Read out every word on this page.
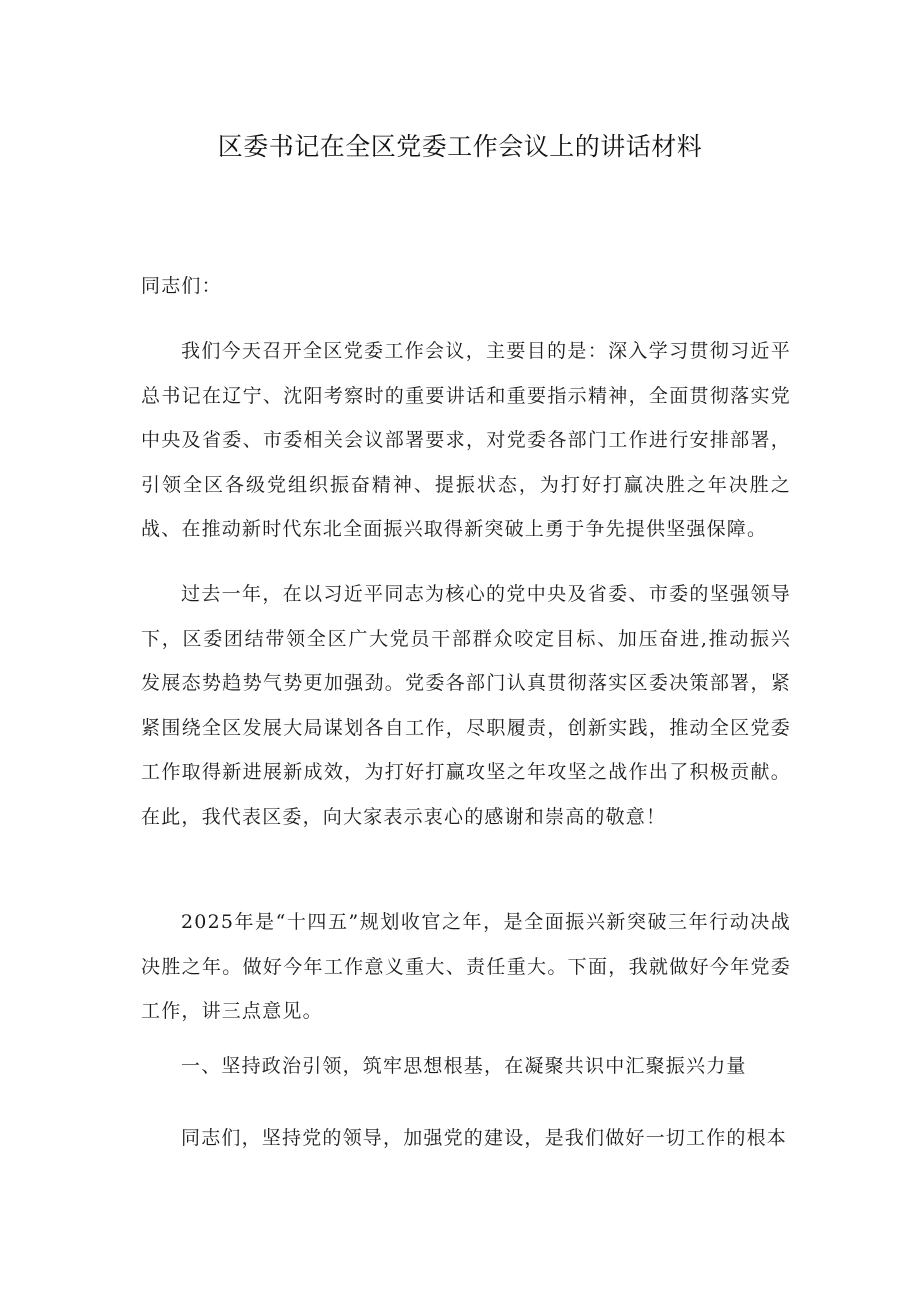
区委书记在全区党委工作会议上的讲话材料

同志们：

我们今天召开全区党委工作会议，主要目的是：深入学习贯彻习近平总书记在辽宁、沈阳考察时的重要讲话和重要指示精神，全面贯彻落实党中央及省委、市委相关会议部署要求，对党委各部门工作进行安排部署，引领全区各级党组织振奋精神、提振状态，为打好打赢决胜之年决胜之战、在推动新时代东北全面振兴取得新突破上勇于争先提供坚强保障。

过去一年，在以习近平同志为核心的党中央及省委、市委的坚强领导下，区委团结带领全区广大党员干部群众咬定目标、加压奋进,推动振兴发展态势趋势气势更加强劲。党委各部门认真贯彻落实区委决策部署，紧紧围绕全区发展大局谋划各自工作，尽职履责，创新实践，推动全区党委工作取得新进展新成效，为打好打赢攻坚之年攻坚之战作出了积极贡献。在此，我代表区委，向大家表示衷心的感谢和崇高的敬意！

2025年是“十四五”规划收官之年，是全面振兴新突破三年行动决战决胜之年。做好今年工作意义重大、责任重大。下面，我就做好今年党委工作，讲三点意见。

一、坚持政治引领，筑牢思想根基，在凝聚共识中汇聚振兴力量

同志们，坚持党的领导，加强党的建设，是我们做好一切工作的根本
